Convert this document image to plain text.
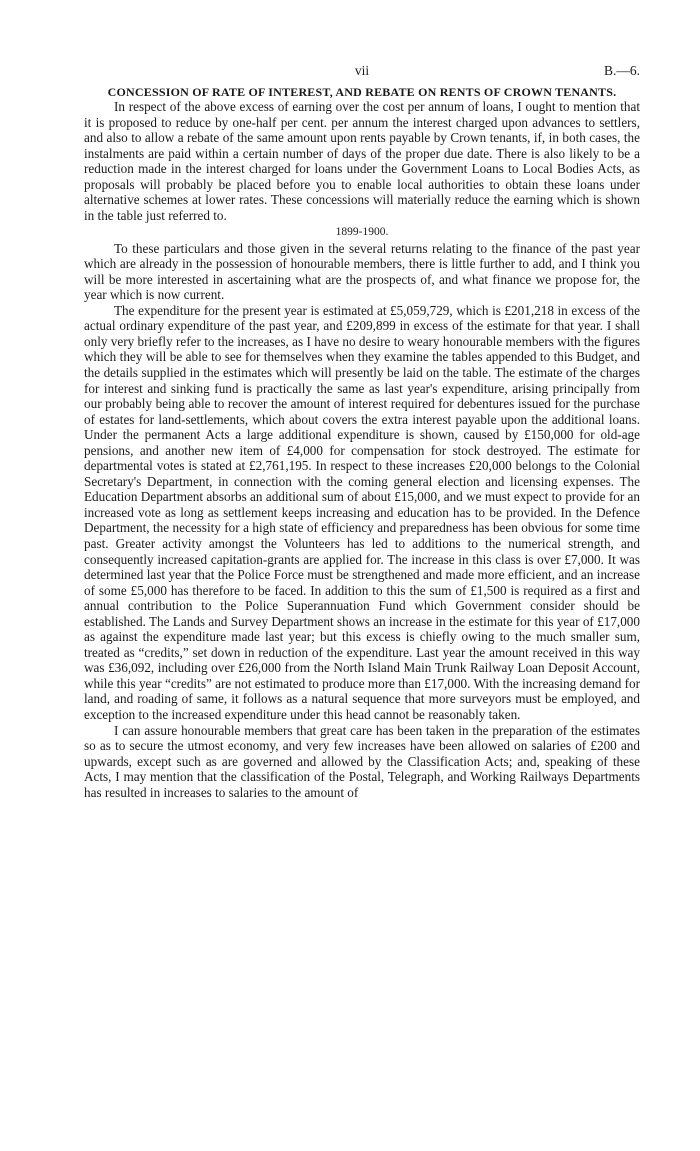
vii	B.—6.
CONCESSION OF RATE OF INTEREST, AND REBATE ON RENTS OF CROWN TENANTS.

In respect of the above excess of earning over the cost per annum of loans, I ought to mention that it is proposed to reduce by one-half per cent. per annum the interest charged upon advances to settlers, and also to allow a rebate of the same amount upon rents payable by Crown tenants, if, in both cases, the instalments are paid within a certain number of days of the proper due date. There is also likely to be a reduction made in the interest charged for loans under the Government Loans to Local Bodies Acts, as proposals will probably be placed before you to enable local authorities to obtain these loans under alternative schemes at lower rates. These concessions will materially reduce the earning which is shown in the table just referred to.

1899-1900.

To these particulars and those given in the several returns relating to the finance of the past year which are already in the possession of honourable members, there is little further to add, and I think you will be more interested in ascertaining what are the prospects of, and what finance we propose for, the year which is now current.

The expenditure for the present year is estimated at £5,059,729, which is £201,218 in excess of the actual ordinary expenditure of the past year, and £209,899 in excess of the estimate for that year. I shall only very briefly refer to the increases, as I have no desire to weary honourable members with the figures which they will be able to see for themselves when they examine the tables appended to this Budget, and the details supplied in the estimates which will presently be laid on the table. The estimate of the charges for interest and sinking fund is practically the same as last year's expenditure, arising principally from our probably being able to recover the amount of interest required for debentures issued for the purchase of estates for land-settlements, which about covers the extra interest payable upon the additional loans. Under the permanent Acts a large additional expenditure is shown, caused by £150,000 for old-age pensions, and another new item of £4,000 for compensation for stock destroyed. The estimate for departmental votes is stated at £2,761,195. In respect to these increases £20,000 belongs to the Colonial Secretary's Department, in connection with the coming general election and licensing expenses. The Education Department absorbs an additional sum of about £15,000, and we must expect to provide for an increased vote as long as settlement keeps increasing and education has to be provided. In the Defence Department, the necessity for a high state of efficiency and preparedness has been obvious for some time past. Greater activity amongst the Volunteers has led to additions to the numerical strength, and consequently increased capitation-grants are applied for. The increase in this class is over £7,000. It was determined last year that the Police Force must be strengthened and made more efficient, and an increase of some £5,000 has therefore to be faced. In addition to this the sum of £1,500 is required as a first and annual contribution to the Police Superannuation Fund which Government consider should be established. The Lands and Survey Department shows an increase in the estimate for this year of £17,000 as against the expenditure made last year; but this excess is chiefly owing to the much smaller sum, treated as “credits,” set down in reduction of the expenditure. Last year the amount received in this way was £36,092, including over £26,000 from the North Island Main Trunk Railway Loan Deposit Account, while this year “credits” are not estimated to produce more than £17,000. With the increasing demand for land, and roading of same, it follows as a natural sequence that more surveyors must be employed, and exception to the increased expenditure under this head cannot be reasonably taken.

I can assure honourable members that great care has been taken in the preparation of the estimates so as to secure the utmost economy, and very few increases have been allowed on salaries of £200 and upwards, except such as are governed and allowed by the Classification Acts; and, speaking of these Acts, I may mention that the classification of the Postal, Telegraph, and Working Railways Departments has resulted in increases to salaries to the amount of
